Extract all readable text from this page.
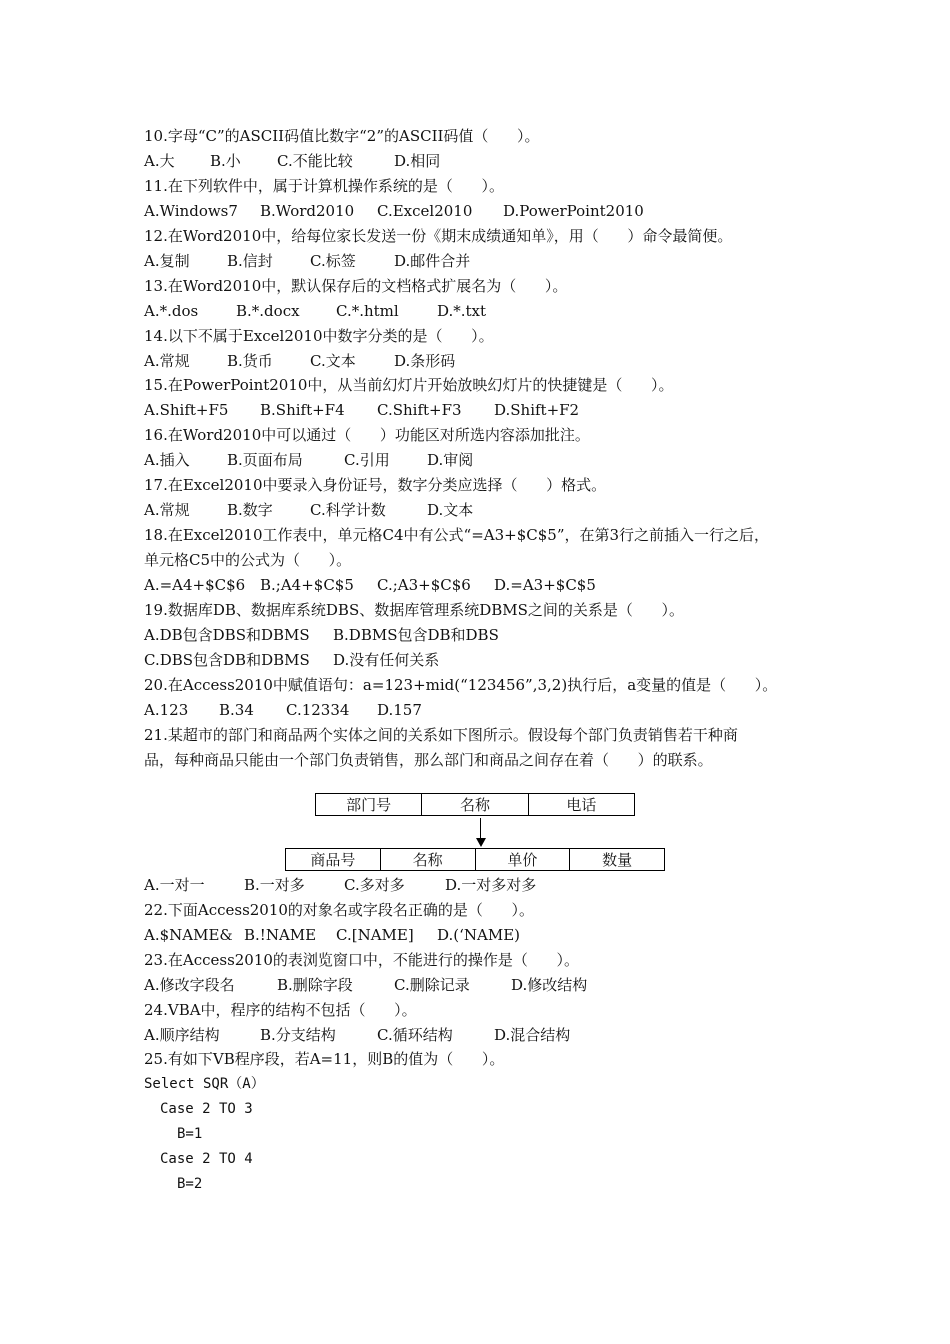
10.字母“C”的ASCII码值比数字“2”的ASCII码值（      ）。

A.大

B.小

C.不能比较

	D.相同

11.在下列软件中，属于计算机操作系统的是（      ）。

A.Windows7

B.Word2010

C.Excel2010

D.PowerPoint2010

12.在Word2010中，给每位家长发送一份《期末成绩通知单》，用（      ）命令最简便。

A.复制

B.信封

C.标签

	D.邮件合并

13.在Word2010中，默认保存后的文档格式扩展名为（      ）。

A.*.dos

	B.*.docx

C.*.html

	D.*.txt

14.以下不属于Excel2010中数字分类的是（      ）。

A.常规

B.货币

C.文本

	D.条形码

15.在PowerPoint2010中，从当前幻灯片开始放映幻灯片的快捷键是（      ）。

A.Shift+F5

B.Shift+F4

C.Shift+F3

D.Shift+F2

16.在Word2010中可以通过（      ）功能区对所选内容添加批注。

A.插入

B.页面布局

	C.引用

D.审阅

17.在Excel2010中要录入身份证号，数字分类应选择（      ）格式。

A.常规

B.数字

C.科学计数

	D.文本

18.在Excel2010工作表中，单元格C4中有公式“=A3+$C$5”，在第3行之前插入一行之后，
单元格C5中的公式为（      ）。

A.=A4+$C$6

B.;A4+$C$5

C.;A3+$C$6

D.=A3+$C$5

19.数据库DB、数据库系统DBS、数据库管理系统DBMS之间的关系是（      ）。

A.DB包含DBS和DBMS

B.DBMS包含DB和DBS

C.DBS包含DB和DBMS

D.没有任何关系

20.在Access2010中赋值语句：a=123+mid(“123456”,3,2)执行后，a变量的值是（      ）。

A.123

B.34

C.12334

D.157

21.某超市的部门和商品两个实体之间的关系如下图所示。假设每个部门负责销售若干种商
品，每种商品只能由一个部门负责销售，那么部门和商品之间存在着（      ）的联系。
部门号	名称	电话
商品号	名称	单价	数量

A.一对一

	B.一对多

	C.多对多

	D.一对多对多

22.下面Access2010的对象名或字段名正确的是（      ）。

A.$NAME&

B.!NAME

C.[NAME]

D.(‘NAME)

23.在Access2010的表浏览窗口中，不能进行的操作是（      ）。

A.修改字段名

	B.删除字段

	C.删除记录

	D.修改结构

24.VBA中，程序的结构不包括（      ）。

A.顺序结构

	B.分支结构

	C.循环结构

	D.混合结构

25.有如下VB程序段，若A=11，则B的值为（      ）。
Select SQR（A）
Case 2 TO 3
B=1
Case 2 TO 4
B=2
